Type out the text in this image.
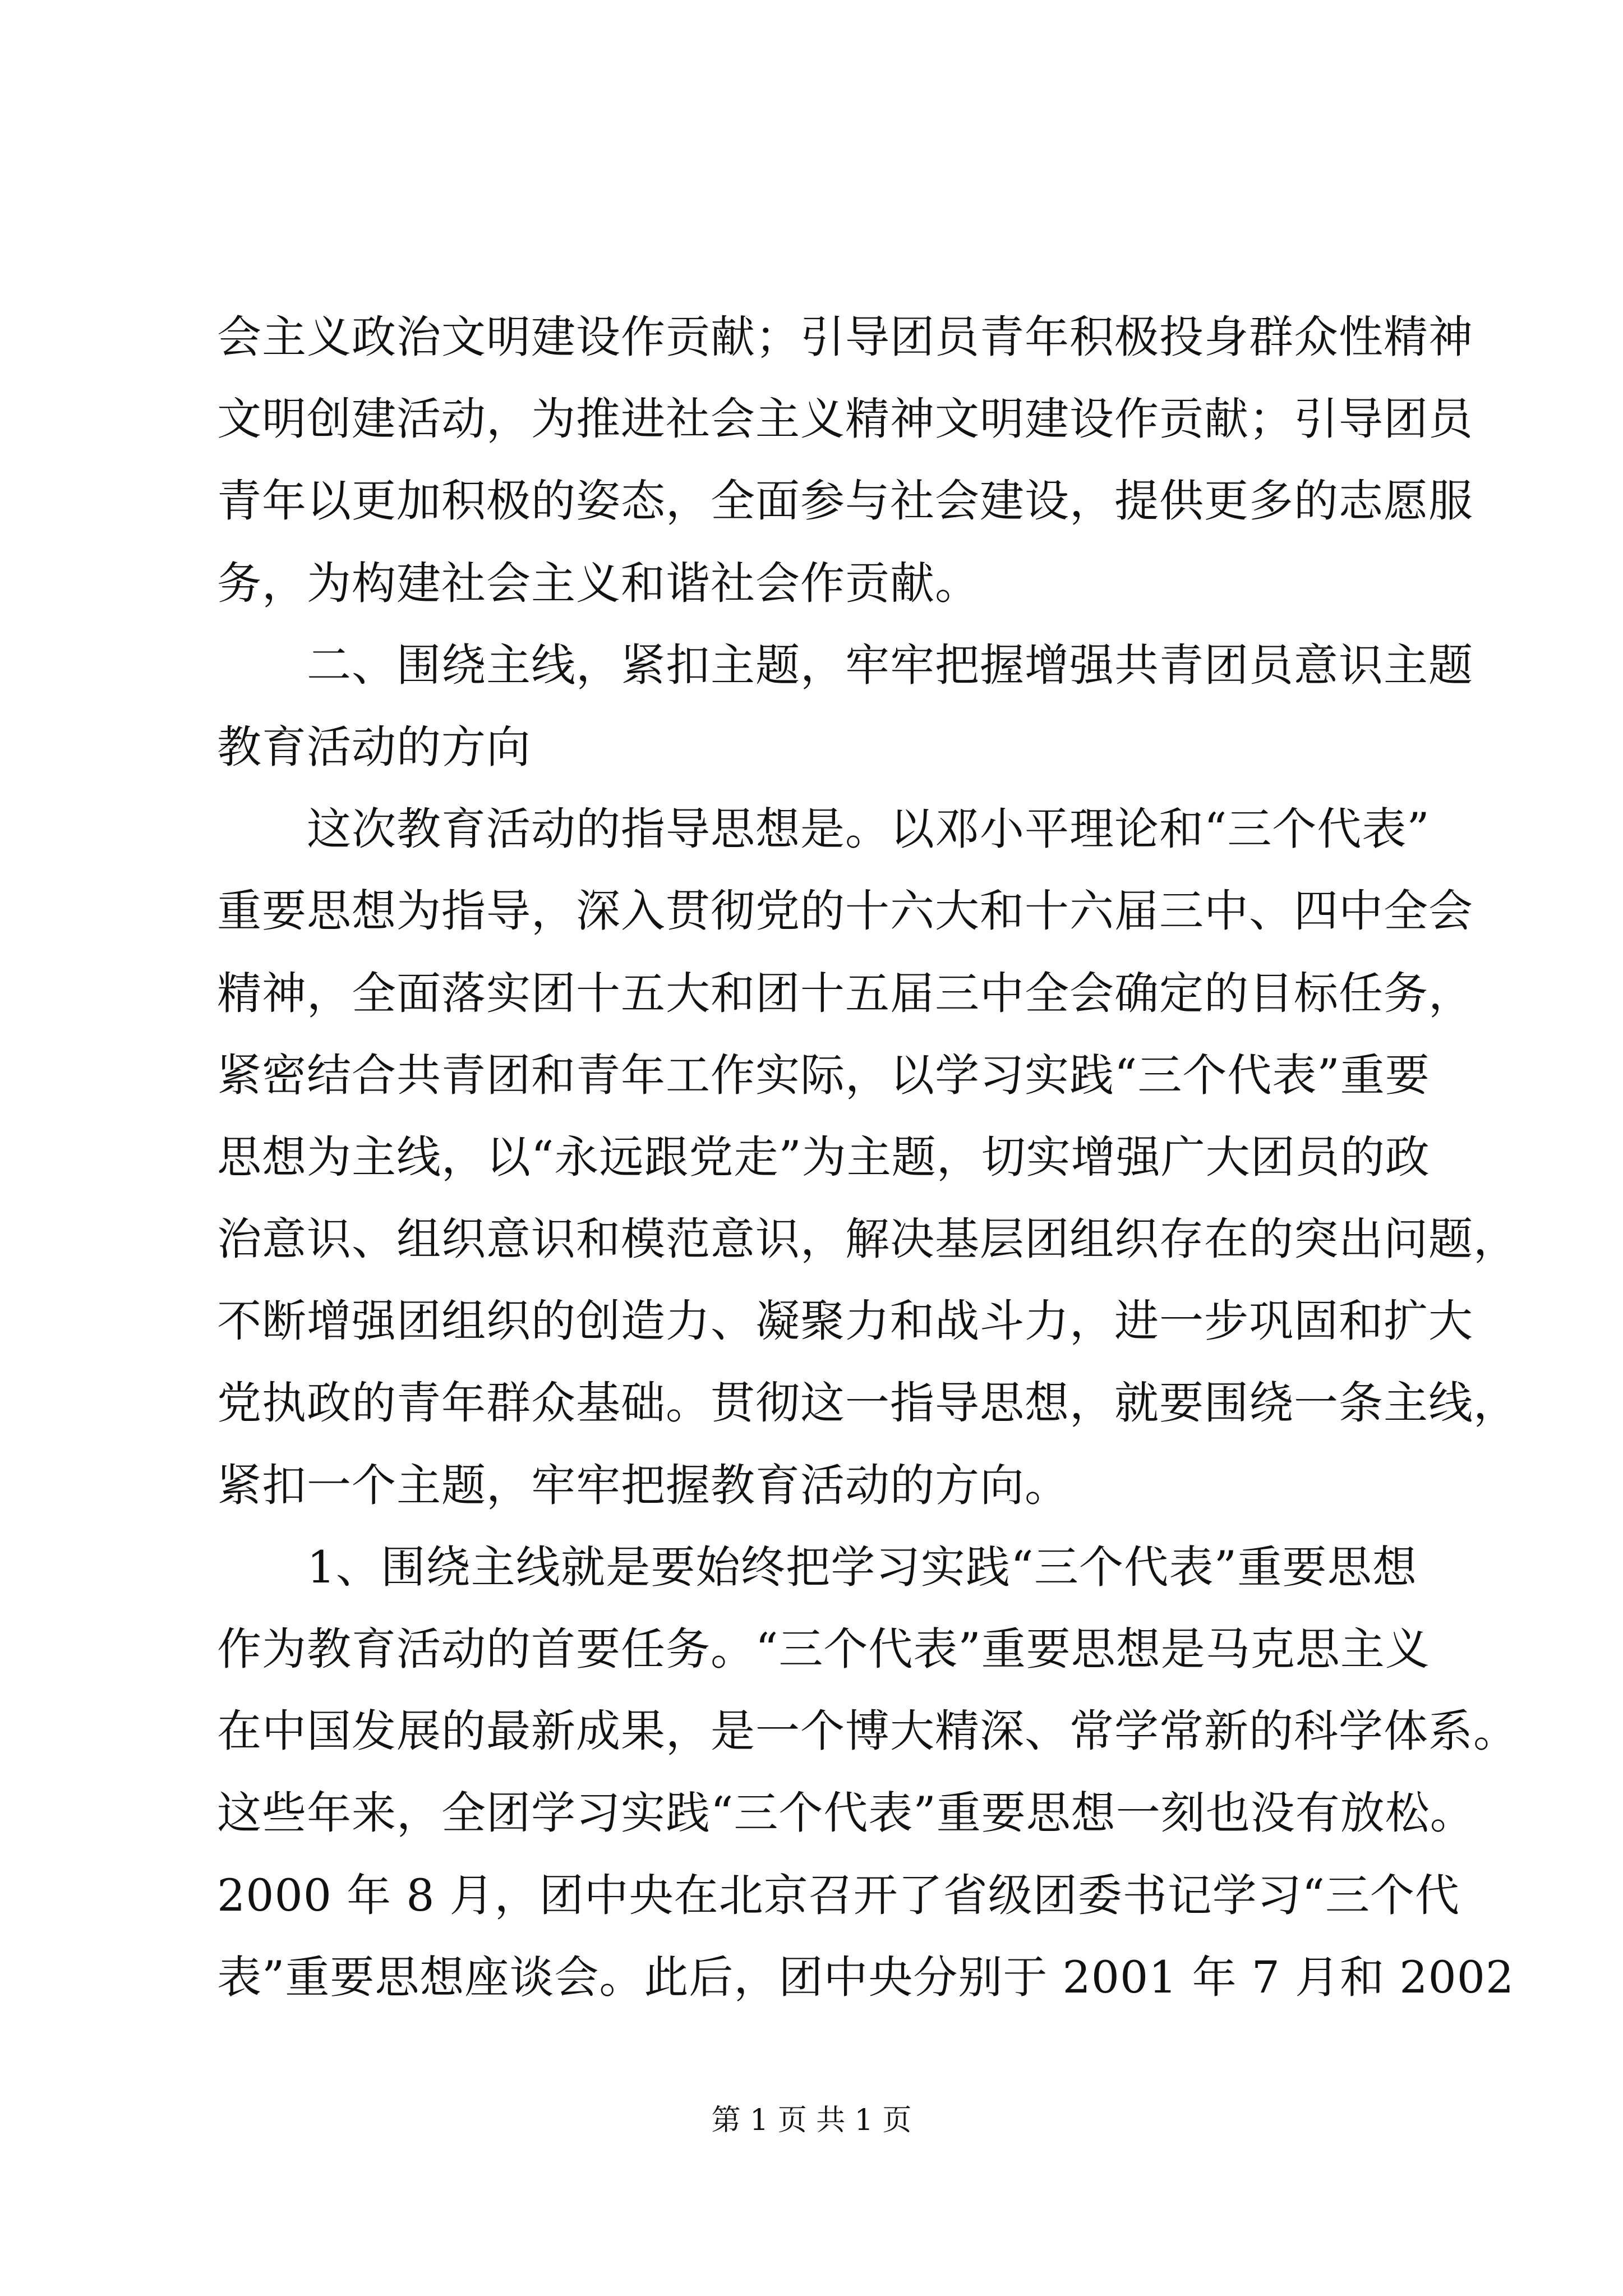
会主义政治文明建设作贡献；引导团员青年积极投身群众性精神
文明创建活动，为推进社会主义精神文明建设作贡献；引导团员
青年以更加积极的姿态，全面参与社会建设，提供更多的志愿服
务，为构建社会主义和谐社会作贡献。
　　二、围绕主线，紧扣主题，牢牢把握增强共青团员意识主题
教育活动的方向
　　这次教育活动的指导思想是。以邓小平理论和“三个代表”
重要思想为指导，深入贯彻党的十六大和十六届三中、四中全会
精神，全面落实团十五大和团十五届三中全会确定的目标任务，
紧密结合共青团和青年工作实际，以学习实践“三个代表”重要
思想为主线，以“永远跟党走”为主题，切实增强广大团员的政
治意识、组织意识和模范意识，解决基层团组织存在的突出问题，
不断增强团组织的创造力、凝聚力和战斗力，进一步巩固和扩大
党执政的青年群众基础。贯彻这一指导思想，就要围绕一条主线，
紧扣一个主题，牢牢把握教育活动的方向。
　　1、围绕主线就是要始终把学习实践“三个代表”重要思想
作为教育活动的首要任务。“三个代表”重要思想是马克思主义
在中国发展的最新成果，是一个博大精深、常学常新的科学体系。
这些年来，全团学习实践“三个代表”重要思想一刻也没有放松。
2000 年 8 月，团中央在北京召开了省级团委书记学习“三个代
表”重要思想座谈会。此后，团中央分别于 2001 年 7 月和 2002
第 1 页 共 1 页
